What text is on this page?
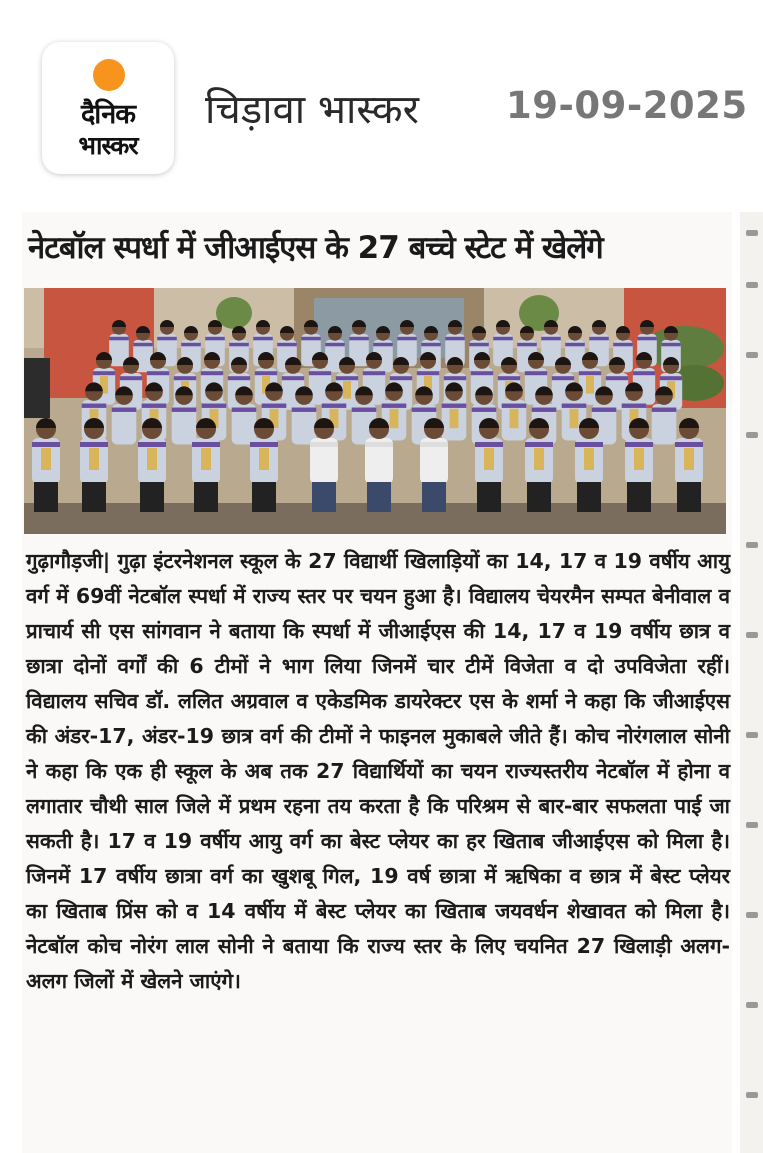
दैनिक
भास्कर
चिड़ावा भास्कर 19-09-2025
नेटबॉल स्पर्धा में जीआईएस के 27 बच्चे स्टेट में खेलेंगे
गुढ़ागौड़जी| गुढ़ा इंटरनेशनल स्कूल के 27 विद्यार्थी खिलाड़ियों का 14, 17 व 19 वर्षीय आयु वर्ग में 69वीं नेटबॉल स्पर्धा में राज्य स्तर पर चयन हुआ है। विद्यालय चेयरमैन सम्पत बेनीवाल व प्राचार्य सी एस सांगवान ने बताया कि स्पर्धा में जीआईएस की 14, 17 व 19 वर्षीय छात्र व छात्रा दोनों वर्गों की 6 टीमों ने भाग लिया जिनमें चार टीमें विजेता व दो उपविजेता रहीं। विद्यालय सचिव डॉ. ललित अग्रवाल व एकेडमिक डायरेक्टर एस के शर्मा ने कहा कि जीआईएस की अंडर-17, अंडर-19 छात्र वर्ग की टीमों ने फाइनल मुकाबले जीते हैं। कोच नोरंगलाल सोनी ने कहा कि एक ही स्कूल के अब तक 27 विद्यार्थियों का चयन राज्यस्तरीय नेटबॉल में होना व लगातार चौथी साल जिले में प्रथम रहना तय करता है कि परिश्रम से बार-बार सफलता पाई जा सकती है। 17 व 19 वर्षीय आयु वर्ग का बेस्ट प्लेयर का हर खिताब जीआईएस को मिला है। जिनमें 17 वर्षीय छात्रा वर्ग का खुशबू गिल, 19 वर्ष छात्रा में ऋषिका व छात्र में बेस्ट प्लेयर का खिताब प्रिंस को व 14 वर्षीय में बेस्ट प्लेयर का खिताब जयवर्धन शेखावत को मिला है। नेटबॉल कोच नोरंग लाल सोनी ने बताया कि राज्य स्तर के लिए चयनित 27 खिलाड़ी अलग-अलग जिलों में खेलने जाएंगे।
